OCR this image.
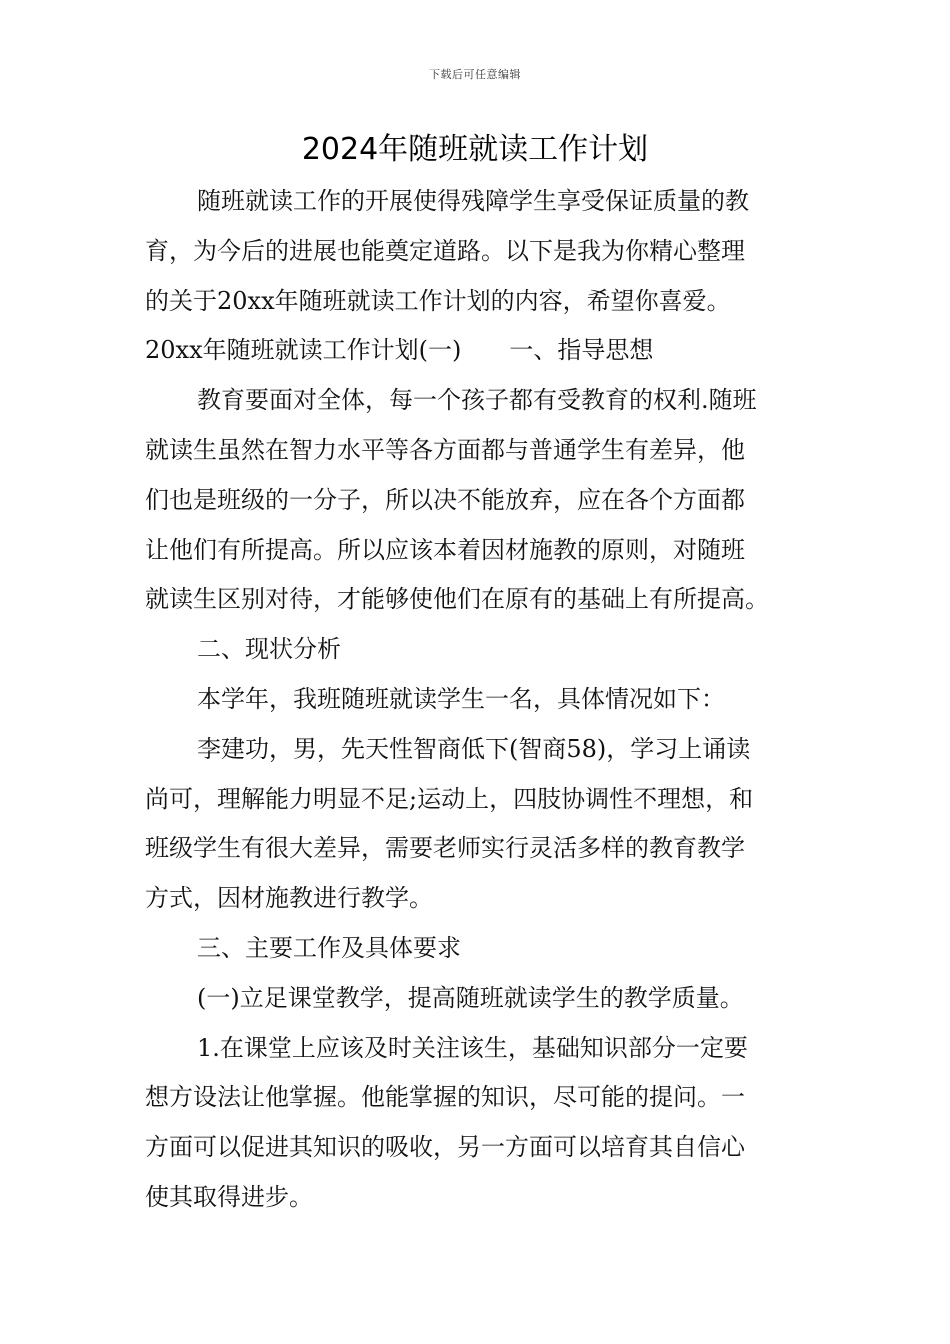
下载后可任意编辑
2024年随班就读工作计划
随班就读工作的开展使得残障学生享受保证质量的教
育，为今后的进展也能奠定道路。以下是我为你精心整理
的关于20xx年随班就读工作计划的内容，希望你喜爱。
20xx年随班就读工作计划(一)　　一、指导思想
教育要面对全体，每一个孩子都有受教育的权利.随班
就读生虽然在智力水平等各方面都与普通学生有差异，他
们也是班级的一分子，所以决不能放弃，应在各个方面都
让他们有所提高。所以应该本着因材施教的原则，对随班
就读生区别对待，才能够使他们在原有的基础上有所提高。
二、现状分析
本学年，我班随班就读学生一名，具体情况如下：
李建功，男，先天性智商低下(智商58)，学习上诵读
尚可，理解能力明显不足;运动上，四肢协调性不理想，和
班级学生有很大差异，需要老师实行灵活多样的教育教学
方式，因材施教进行教学。
三、主要工作及具体要求
(一)立足课堂教学，提高随班就读学生的教学质量。
1.在课堂上应该及时关注该生，基础知识部分一定要
想方设法让他掌握。他能掌握的知识，尽可能的提问。一
方面可以促进其知识的吸收，另一方面可以培育其自信心
使其取得进步。
